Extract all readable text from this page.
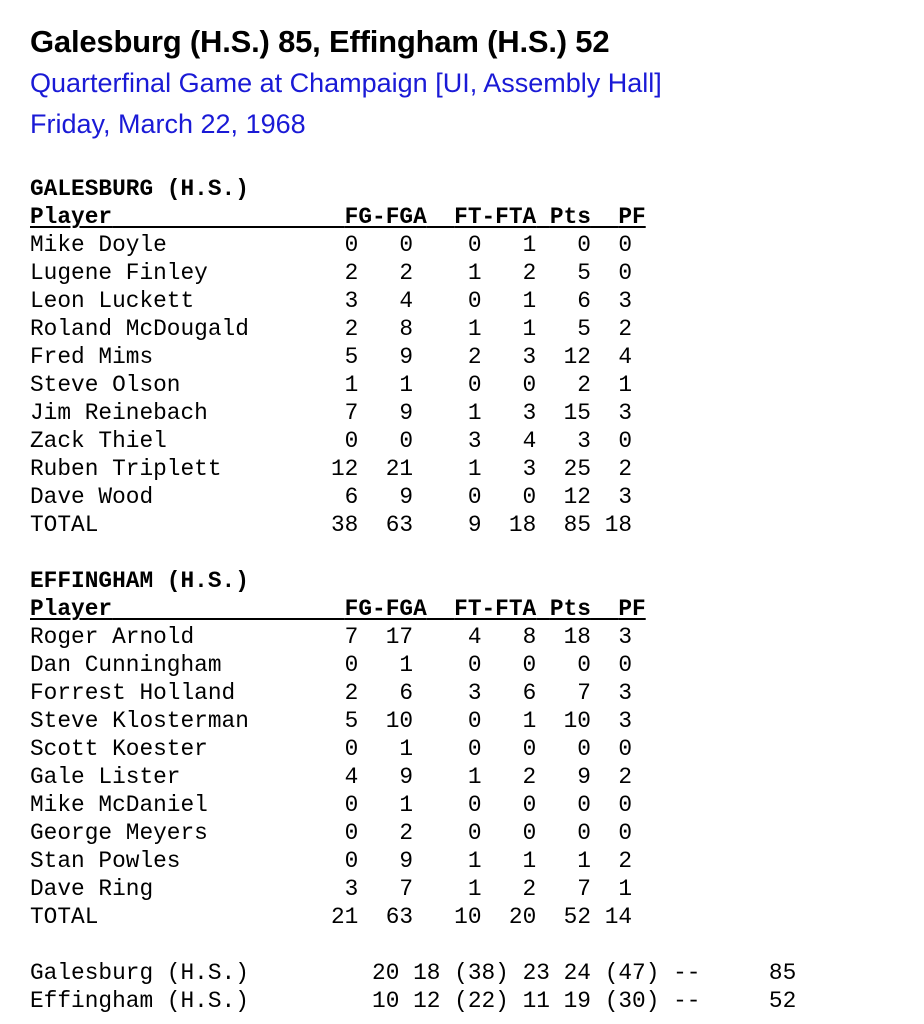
Galesburg (H.S.) 85, Effingham (H.S.) 52

Quarterfinal Game at Champaign [UI, Assembly Hall]

Friday, March 22, 1968

GALESBURG (H.S.)
Player	FG-FGA FT-FTA Pts PF
Mike Doyle	0 0 0 1 0 0
Lugene Finley	2 2 1 2 5 0
Leon Luckett	3 4 0 1 6 3
Roland McDougald	2 8 1 1 5 2
Fred Mims	5 9 2 3 12 4
Steve Olson	1 1 0 0 2 1
Jim Reinebach	7 9 1 3 15 3
Zack Thiel	0 0 3 4 3 0
Ruben Triplett	12 21 1 3 25 2
Dave Wood	6 9 0 0 12 3
TOTAL	38 63 9 18 85 18
EFFINGHAM (H.S.)
Player	FG-FGA FT-FTA Pts PF
Roger Arnold	7 17 4 8 18 3
Dan Cunningham	0 1 0 0 0 0
Forrest Holland	2 6 3 6 7 3
Steve Klosterman	5 10 0 1 10 3
Scott Koester	0 1 0 0 0 0
Gale Lister	4 9 1 2 9 2
Mike McDaniel	0 1 0 0 0 0
George Meyers	0 2 0 0 0 0
Stan Powles	0 9 1 1 1 2
Dave Ring	3 7 1 2 7 1
TOTAL	21 63 10 20 52 14
Galesburg (H.S.)	20 18 (38) 23 24 (47) --	85
Effingham (H.S.)	10 12 (22) 11 19 (30) --	52
